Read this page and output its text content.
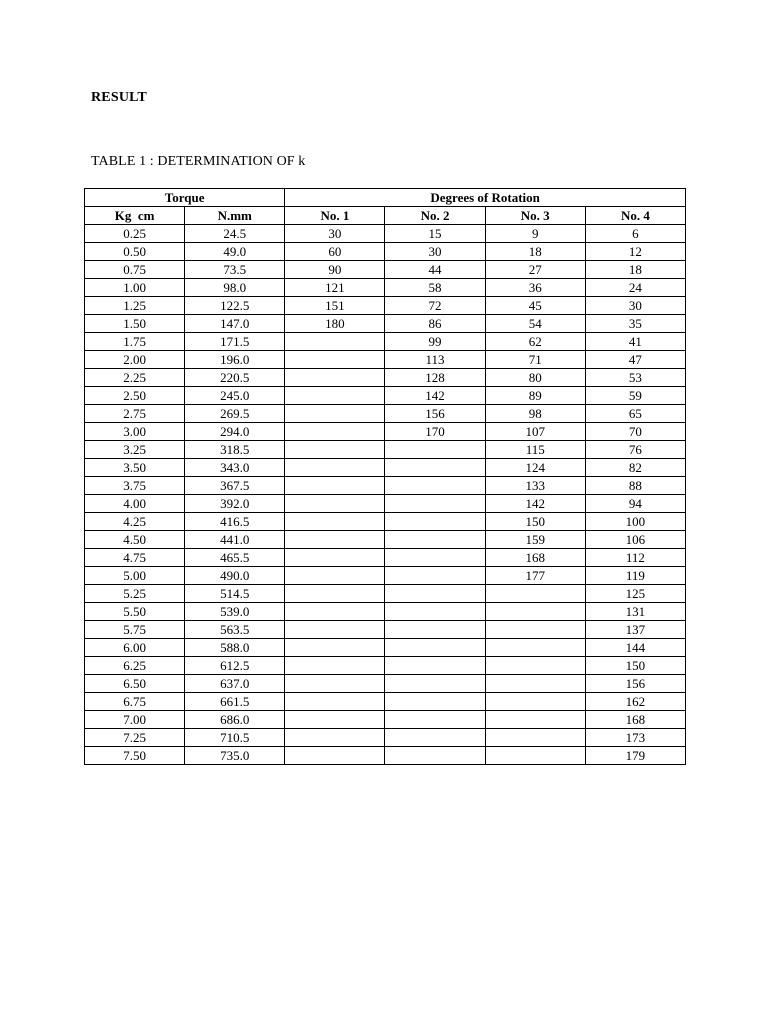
RESULT
TABLE 1 : DETERMINATION OF k
Torque		Degrees of Rotation			
Kg  cm	N.mm	No. 1	No. 2	No. 3	No. 4
0.25	24.5	30	15	9	6
0.50	49.0	60	30	18	12
0.75	73.5	90	44	27	18
1.00	98.0	121	58	36	24
1.25	122.5	151	72	45	30
1.50	147.0	180	86	54	35
1.75	171.5		99	62	41
2.00	196.0		113	71	47
2.25	220.5		128	80	53
2.50	245.0		142	89	59
2.75	269.5		156	98	65
3.00	294.0		170	107	70
3.25	318.5			115	76
3.50	343.0			124	82
3.75	367.5			133	88
4.00	392.0			142	94
4.25	416.5			150	100
4.50	441.0			159	106
4.75	465.5			168	112
5.00	490.0			177	119
5.25	514.5				125
5.50	539.0				131
5.75	563.5				137
6.00	588.0				144
6.25	612.5				150
6.50	637.0				156
6.75	661.5				162
7.00	686.0				168
7.25	710.5				173
7.50	735.0				179
